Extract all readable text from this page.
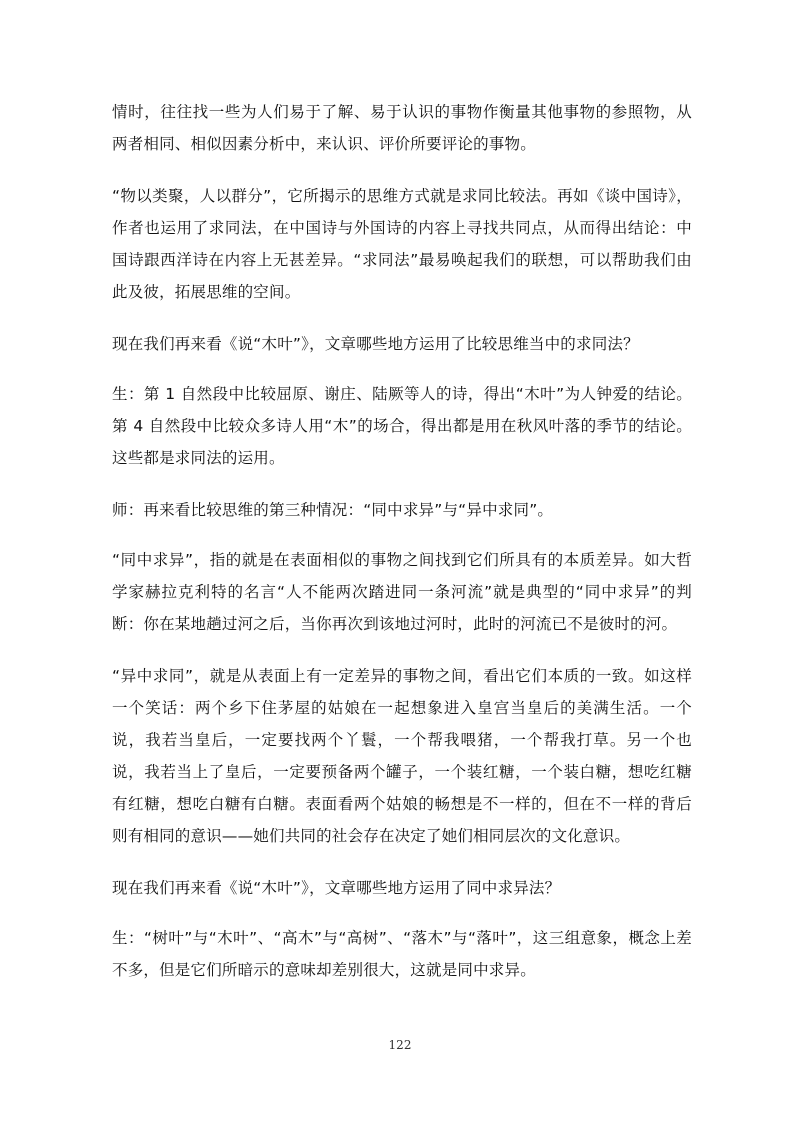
情时，往往找一些为人们易于了解、易于认识的事物作衡量其他事物的参照物，从两者相同、相似因素分析中，来认识、评价所要评论的事物。

“物以类聚，人以群分”，它所揭示的思维方式就是求同比较法。再如《谈中国诗》，作者也运用了求同法，在中国诗与外国诗的内容上寻找共同点，从而得出结论：中国诗跟西洋诗在内容上无甚差异。“求同法”最易唤起我们的联想，可以帮助我们由此及彼，拓展思维的空间。

现在我们再来看《说“木叶”》，文章哪些地方运用了比较思维当中的求同法？

生：第 1 自然段中比较屈原、谢庄、陆厥等人的诗，得出“木叶”为人钟爱的结论。第 4 自然段中比较众多诗人用“木”的场合，得出都是用在秋风叶落的季节的结论。这些都是求同法的运用。

师：再来看比较思维的第三种情况：“同中求异”与“异中求同”。

“同中求异”，指的就是在表面相似的事物之间找到它们所具有的本质差异。如大哲学家赫拉克利特的名言“人不能两次踏进同一条河流”就是典型的“同中求异”的判断：你在某地趟过河之后，当你再次到该地过河时，此时的河流已不是彼时的河。

“异中求同”，就是从表面上有一定差异的事物之间，看出它们本质的一致。如这样一个笑话：两个乡下住茅屋的姑娘在一起想象进入皇宫当皇后的美满生活。一个说，我若当皇后，一定要找两个丫鬟，一个帮我喂猪，一个帮我打草。另一个也说，我若当上了皇后，一定要预备两个罐子，一个装红糖，一个装白糖，想吃红糖有红糖，想吃白糖有白糖。表面看两个姑娘的畅想是不一样的，但在不一样的背后则有相同的意识——她们共同的社会存在决定了她们相同层次的文化意识。

现在我们再来看《说“木叶”》，文章哪些地方运用了同中求异法？

生：“树叶”与“木叶”、“高木”与“高树”、“落木”与“落叶”，这三组意象，概念上差不多，但是它们所暗示的意味却差别很大，这就是同中求异。

122
